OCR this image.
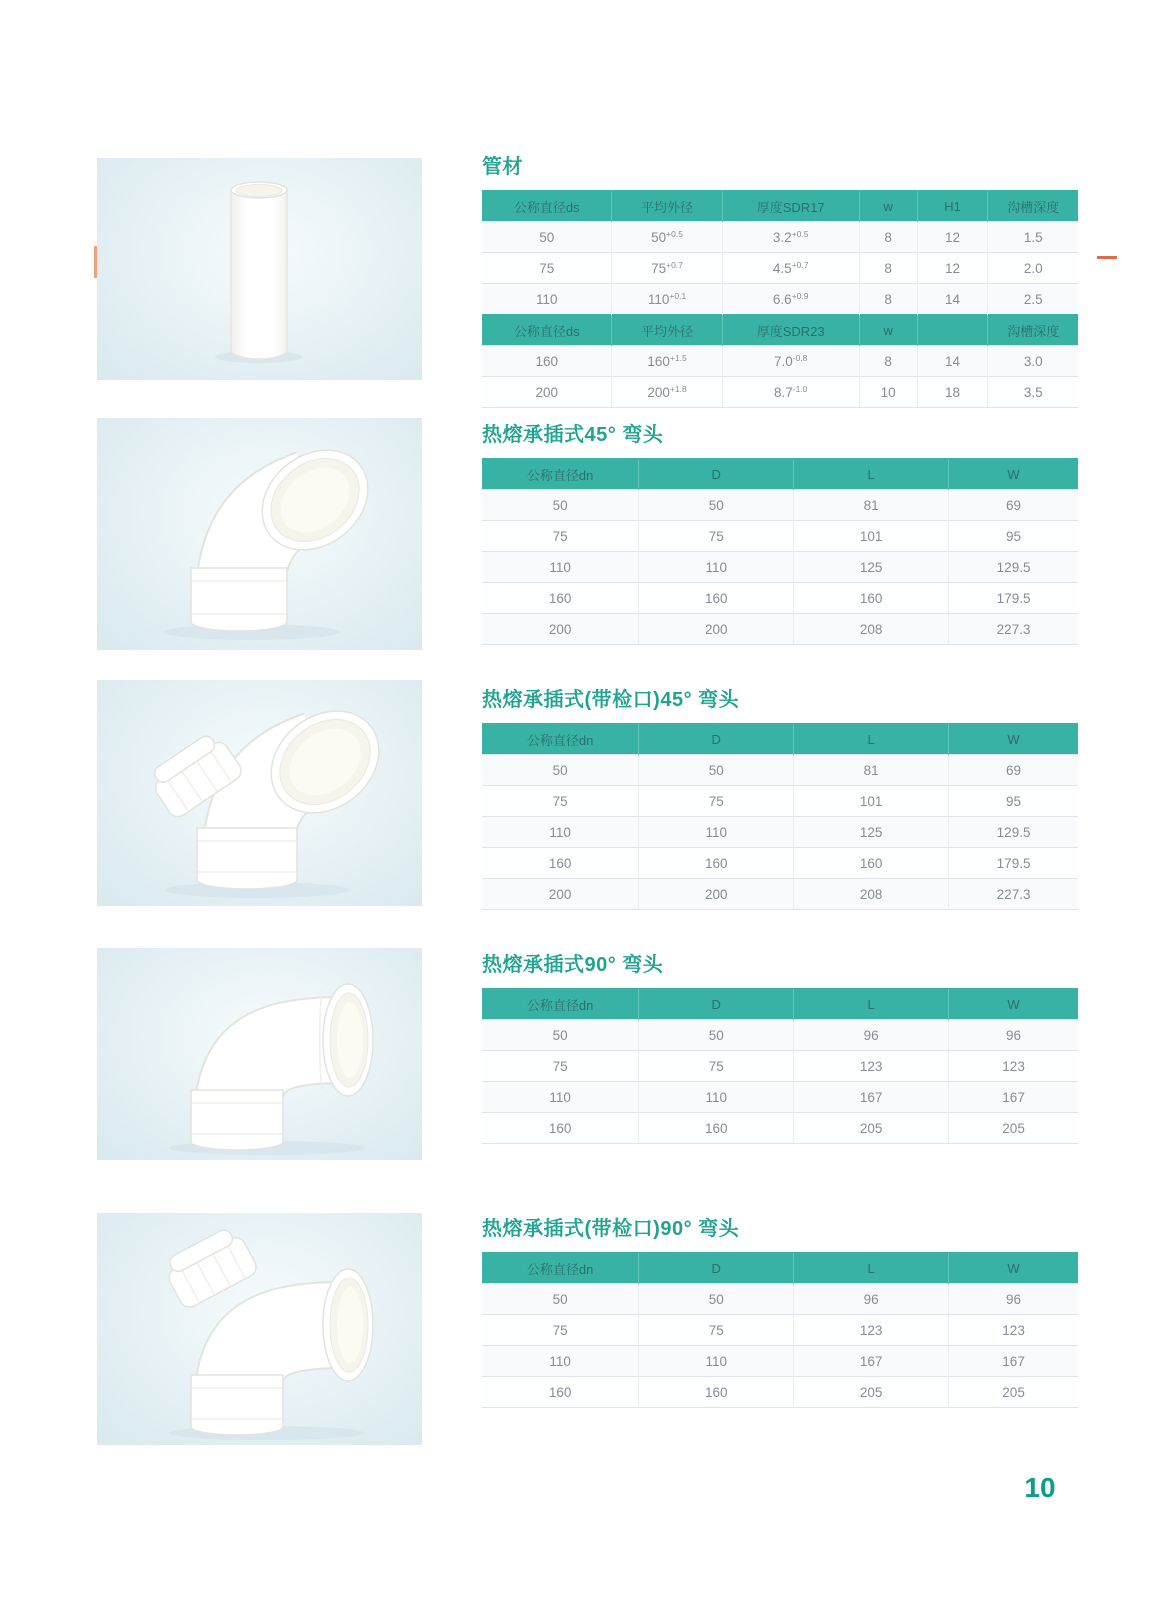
管材
公称直径ds	平均外径	厚度SDR17	w	H1	沟槽深度
50	$50^{+0.5}$	$3.2^{+0.5}$	8	12	1.5
75	$75^{+0.7}$	$4.5^{+0.7}$	8	12	2.0
110	$110^{+0.1}$	$6.6^{+0.9}$	8	14	2.5
公称直径ds	平均外径	厚度SDR23	w		沟槽深度
160	$160^{+1.5}$	$7.0^{-0.8}$	8	14	3.0
200	$200^{+1.8}$	$8.7^{-1.0}$	10	18	3.5
热熔承插式45° 弯头
公称直径dn	D	L	W
50	50	81	69
75	75	101	95
110	110	125	129.5
160	160	160	179.5
200	200	208	227.3
热熔承插式(带检口)45° 弯头
公称直径dn	D	L	W
50	50	81	69
75	75	101	95
110	110	125	129.5
160	160	160	179.5
200	200	208	227.3
热熔承插式90° 弯头
公称直径dn	D	L	W
50	50	96	96
75	75	123	123
110	110	167	167
160	160	205	205
热熔承插式(带检口)90° 弯头
公称直径dn	D	L	W
50	50	96	96
75	75	123	123
110	110	167	167
160	160	205	205
10
